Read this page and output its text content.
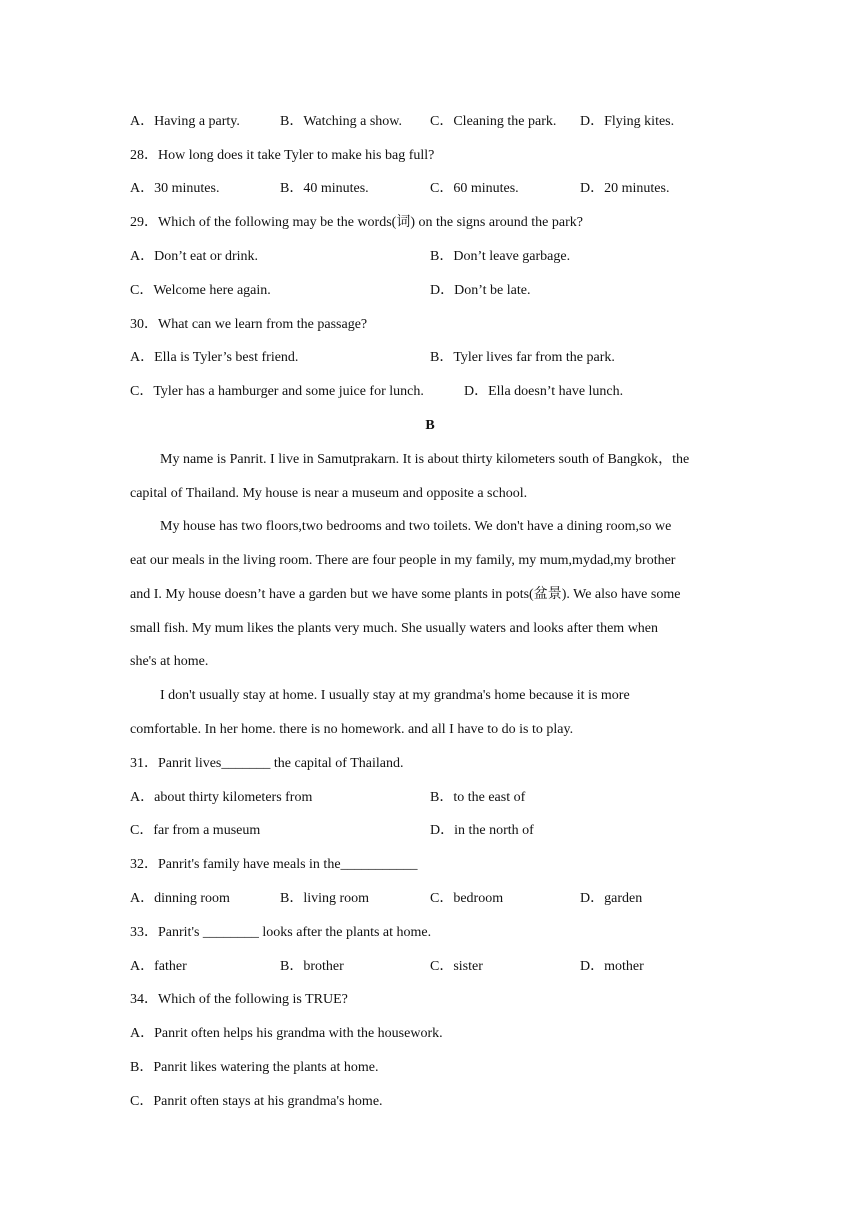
A．Having a party.	B．Watching a show. C．Cleaning the park. D．Flying kites.
28．How long does it take Tyler to make his bag full?
A．30 minutes.	B．40 minutes.	C．60 minutes.	D．20 minutes.
29．Which of the following may be the words(词) on the signs around the park?
A．Don’t eat or drink.	B．Don’t leave garbage.
C．Welcome here again.	D．Don’t be late.
30．What can we learn from the passage?
A．Ella is Tyler’s best friend.	B．Tyler lives far from the park.
C．Tyler has a hamburger and some juice for lunch.	D．Ella doesn’t have lunch.
B
My name is Panrit. I live in Samutprakarn. It is about thirty kilometers south of Bangkok，the
capital of Thailand. My house is near a museum and opposite a school.
My house has two floors,two bedrooms and two toilets. We don't have a dining room,so we
eat our meals in the living room. There are four people in my family, my mum,mydad,my brother
and I. My house doesn’t have a garden but we have some plants in pots(盆景). We also have some
small fish. My mum likes the plants very much. She usually waters and looks after them when
she's at home.
I don't usually stay at home. I usually stay at my grandma's home because it is more
comfortable. In her home. there is no homework. and all I have to do is to play.
31．Panrit lives_______ the capital of Thailand.
A．about thirty kilometers from	B．to the east of
C．far from a museum	D．in the north of
32．Panrit's family have meals in the___________
A．dinning room	B．living room	C．bedroom	D．garden
33．Panrit's ________ looks after the plants at home.
A．father	B．brother	C．sister	D．mother
34．Which of the following is TRUE?
A．Panrit often helps his grandma with the housework.
B．Panrit likes watering the plants at home.
C．Panrit often stays at his grandma's home.
